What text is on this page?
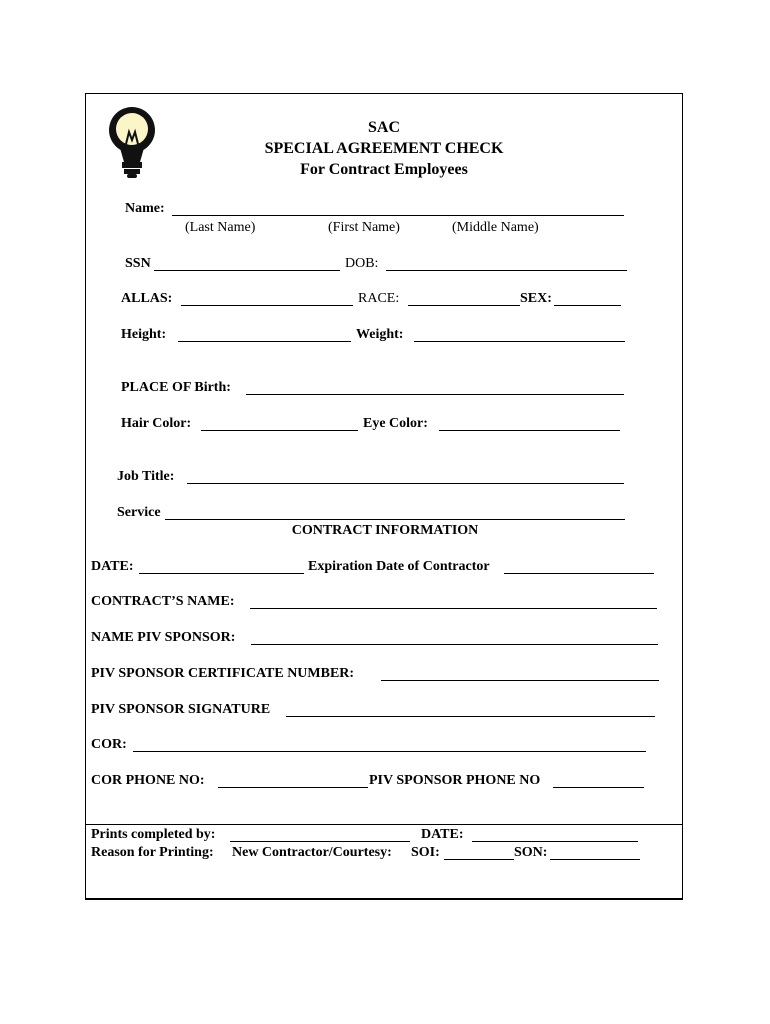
SAC
SPECIAL AGREEMENT CHECK
For Contract Employees
Name:
(Last Name)	(First Name)	(Middle Name)
SSN	DOB:
ALLAS:	RACE:	SEX:
Height:	Weight:
PLACE OF Birth:
Hair Color:	Eye Color:
Job Title:
Service
CONTRACT INFORMATION
DATE:	Expiration Date of Contractor
CONTRACT’S NAME:
NAME PIV SPONSOR:
PIV SPONSOR CERTIFICATE NUMBER:
PIV SPONSOR SIGNATURE
COR:
COR PHONE NO:	PIV SPONSOR PHONE NO
Prints completed by:	DATE:
Reason for Printing: New Contractor/Courtesy: SOI:	SON:
